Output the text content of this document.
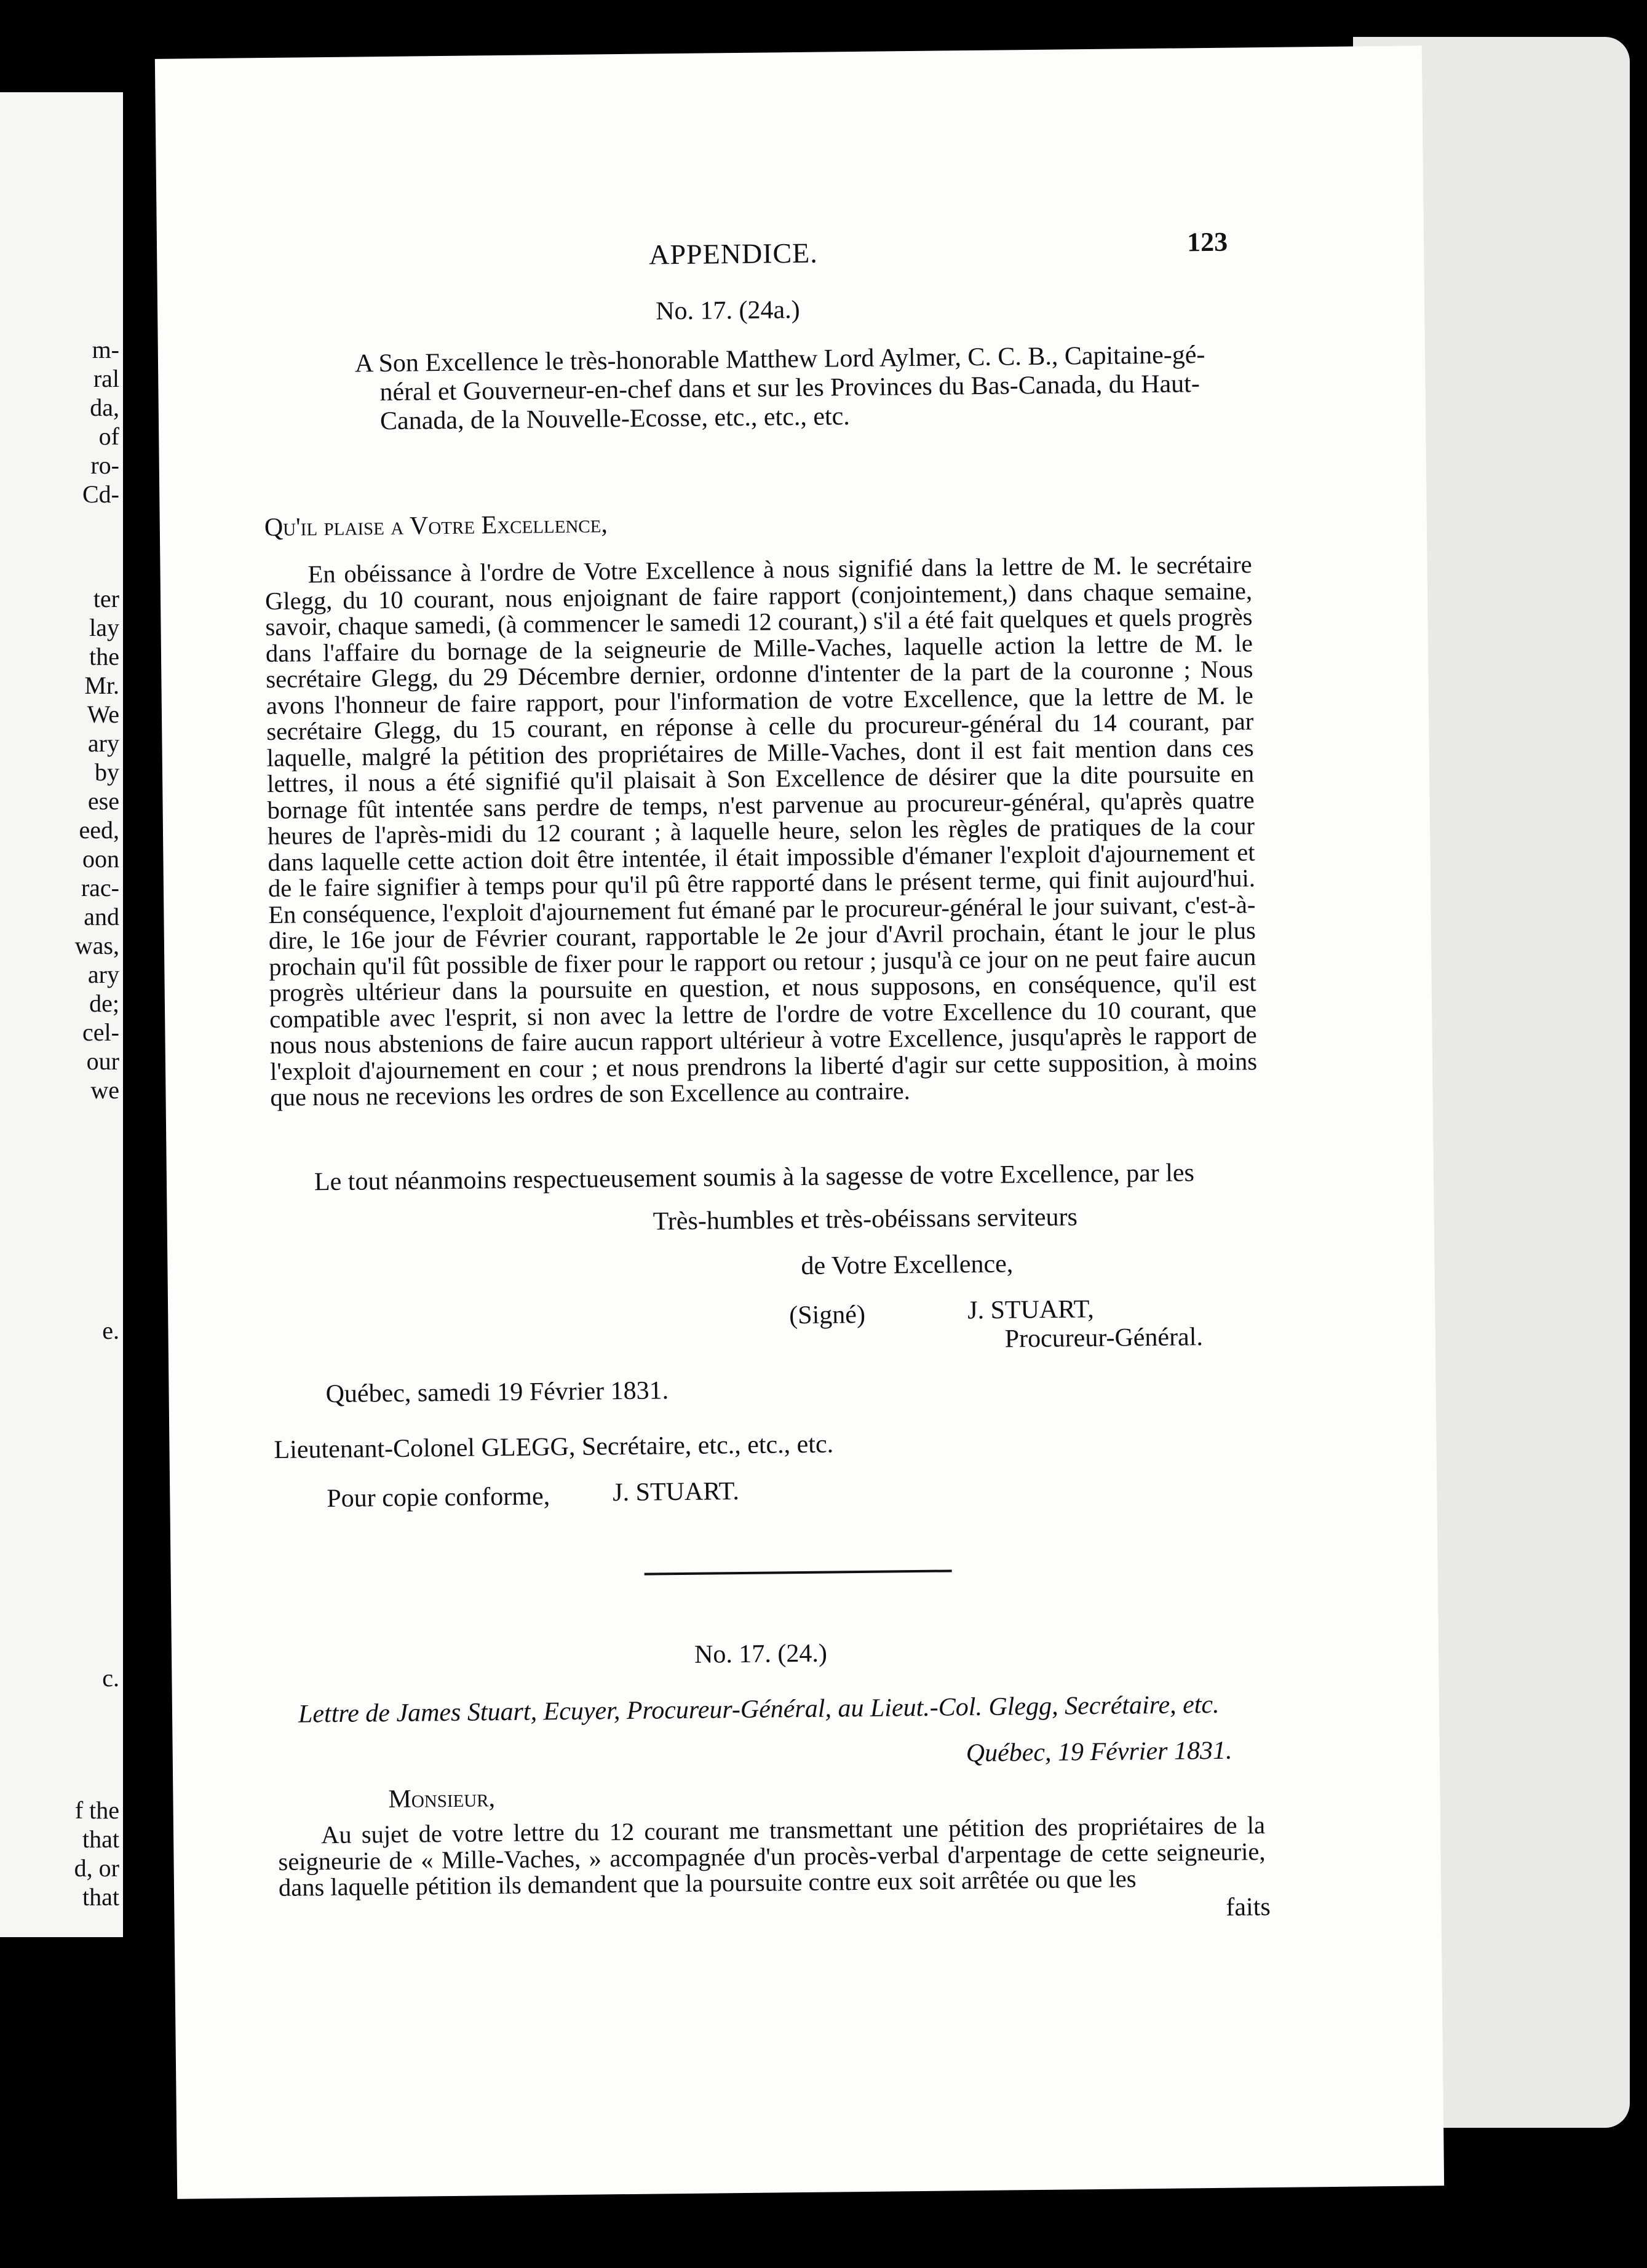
m-
ral
da,
of
ro-
Cd-
ter
lay
the
Mr.
We
ary
by
ese
eed,
oon
rac-
and
was,
ary
de;
cel-
our
we
e.
c.
f the
that
d, or
that
APPENDICE.	123
No. 17. (24a.)
A Son Excellence le très-honorable Matthew Lord Aylmer, C. C. B., Capitaine-gé-
néral et Gouverneur-en-chef dans et sur les Provinces du Bas-Canada, du Haut-
Canada, de la Nouvelle-Ecosse, etc., etc., etc.
Qu'il plaise a Votre Excellence,
En obéissance à l'ordre de Votre Excellence à nous signifié dans la lettre de M. le secrétaire Glegg, du 10 courant, nous enjoignant de faire rapport (conjointement,) dans chaque semaine, savoir, chaque samedi, (à commencer le samedi 12 courant,) s'il a été fait quelques et quels progrès dans l'affaire du bornage de la seigneurie de Mille-Vaches, laquelle action la lettre de M. le secrétaire Glegg, du 29 Décembre dernier, ordonne d'intenter de la part de la couronne ; Nous avons l'honneur de faire rapport, pour l'information de votre Excellence, que la lettre de M. le secrétaire Glegg, du 15 courant, en réponse à celle du procureur-général du 14 courant, par laquelle, malgré la pétition des propriétaires de Mille-Vaches, dont il est fait mention dans ces lettres, il nous a été signifié qu'il plaisait à Son Excellence de désirer que la dite poursuite en bornage fût intentée sans perdre de temps, n'est parvenue au procureur-général, qu'après quatre heures de l'après-midi du 12 courant ; à laquelle heure, selon les règles de pratiques de la cour dans laquelle cette action doit être intentée, il était impossible d'émaner l'exploit d'ajournement et de le faire signifier à temps pour qu'il pû être rapporté dans le présent terme, qui finit aujourd'hui. En conséquence, l'exploit d'ajournement fut émané par le procureur-général le jour suivant, c'est-à-dire, le 16e jour de Février courant, rapportable le 2e jour d'Avril prochain, étant le jour le plus prochain qu'il fût possible de fixer pour le rapport ou retour ; jusqu'à ce jour on ne peut faire aucun progrès ultérieur dans la poursuite en question, et nous supposons, en conséquence, qu'il est compatible avec l'esprit, si non avec la lettre de l'ordre de votre Excellence du 10 courant, que nous nous abstenions de faire aucun rapport ultérieur à votre Excellence, jusqu'après le rapport de l'exploit d'ajournement en cour ; et nous prendrons la liberté d'agir sur cette supposition, à moins que nous ne recevions les ordres de son Excellence au contraire.
Le tout néanmoins respectueusement soumis à la sagesse de votre Excellence, par les
Très-humbles et très-obéissans serviteurs
de Votre Excellence,
(Signé)	J. STUART,
Procureur-Général.
Québec, samedi 19 Février 1831.
Lieutenant-Colonel GLEGG, Secrétaire, etc., etc., etc.
Pour copie conforme, J. STUART.
No. 17. (24.)
Lettre de James Stuart, Ecuyer, Procureur-Général, au Lieut.-Col. Glegg, Secrétaire, etc.
Québec, 19 Février 1831.
Monsieur,
Au sujet de votre lettre du 12 courant me transmettant une pétition des propriétaires de la seigneurie de « Mille-Vaches, » accompagnée d'un procès-verbal d'arpentage de cette seigneurie, dans laquelle pétition ils demandent que la poursuite contre eux soit arrêtée ou que les
faits
